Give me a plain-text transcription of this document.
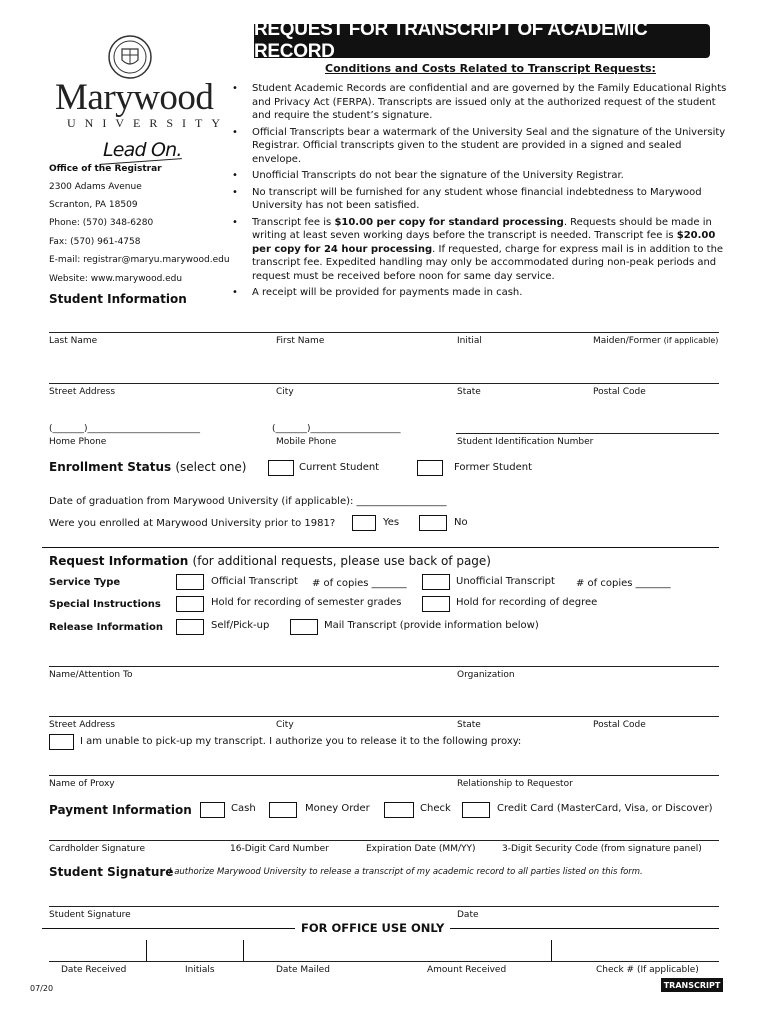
REQUEST FOR TRANSCRIPT OF ACADEMIC RECORD
Marywood
UNIVERSITY
Lead On.
Office of the Registrar
2300 Adams Avenue
Scranton, PA 18509
Phone: (570) 348-6280
Fax: (570) 961-4758
E-mail: registrar@maryu.marywood.edu
Website: www.marywood.edu
Conditions and Costs Related to Transcript Requests:
• Student Academic Records are confidential and are governed by the Family Educational Rights and Privacy Act (FERPA). Transcripts are issued only at the authorized request of the student and require the student’s signature.
• Official Transcripts bear a watermark of the University Seal and the signature of the University Registrar. Official transcripts given to the student are provided in a signed and sealed envelope.
• Unofficial Transcripts do not bear the signature of the University Registrar.
• No transcript will be furnished for any student whose financial indebtedness to Marywood University has not been satisfied.
• Transcript fee is $10.00 per copy for standard processing. Requests should be made in writing at least seven working days before the transcript is needed. Transcript fee is $20.00 per copy for 24 hour processing. If requested, charge for express mail is in addition to the transcript fee. Expedited handling may only be accommodated during non-peak periods and request must be received before noon for same day service.
• A receipt will be provided for payments made in cash.
Student Information
Last Name	First Name	Initial	Maiden/Former (if applicable)
Street Address	City	State	Postal Code
(_______)_________________________	(_______)____________________
Home Phone	Mobile Phone	Student Identification Number
Enrollment Status (select one)	Current Student	Former Student
Date of graduation from Marywood University (if applicable): __________________
Were you enrolled at Marywood University prior to 1981?	Yes	No
Request Information (for additional requests, please use back of page)
Service Type	Official Transcript # of copies _______	Unofficial Transcript # of copies _______
Special Instructions	Hold for recording of semester grades	Hold for recording of degree
Release Information	Self/Pick-up	Mail Transcript (provide information below)
Name/Attention To	Organization
Street Address	City	State	Postal Code
I am unable to pick-up my transcript. I authorize you to release it to the following proxy:
Name of Proxy	Relationship to Requestor
Payment Information	Cash	Money Order	Check	Credit Card (MasterCard, Visa, or Discover)
Cardholder Signature	16-Digit Card Number	Expiration Date (MM/YY)	3-Digit Security Code (from signature panel)
Student Signature
I authorize Marywood University to release a transcript of my academic record to all parties listed on this form.
Student Signature	Date
FOR OFFICE USE ONLY
Date Received	Initials	Date Mailed	Amount Received	Check # (If applicable)
07/20	TRANSCRIPT
